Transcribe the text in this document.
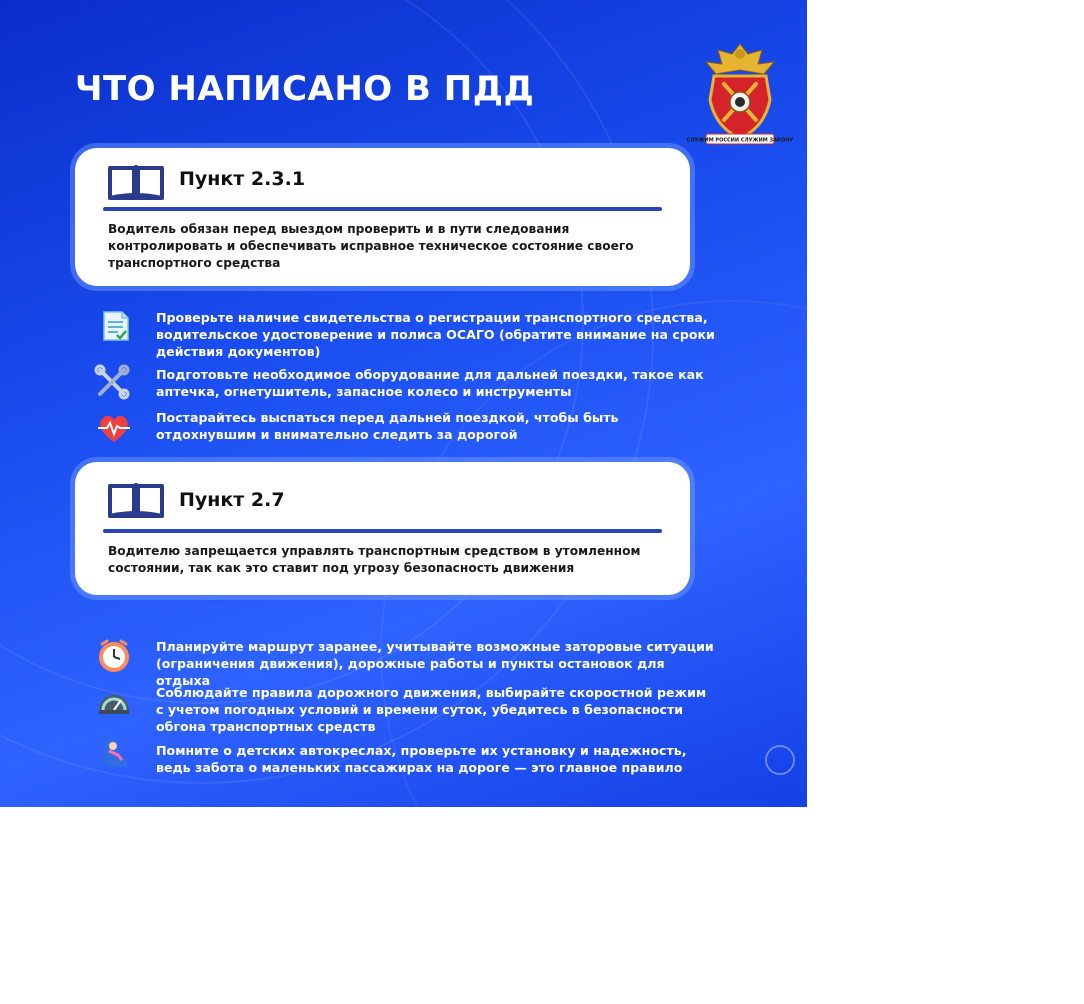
ЧТО НАПИСАНО В ПДД
СЛУЖИМ РОССИИ СЛУЖИМ ЗАКОНУ
Пункт 2.3.1
Водитель обязан перед выездом проверить и в пути следования контролировать и обеспечивать исправное техническое состояние своего транспортного средства
Проверьте наличие свидетельства о регистрации транспортного средства, водительское удостоверение и полиса ОСАГО (обратите внимание на сроки действия документов)
Подготовьте необходимое оборудование для дальней поездки, такое как аптечка, огнетушитель, запасное колесо и инструменты
Постарайтесь выспаться перед дальней поездкой, чтобы быть отдохнувшим и внимательно следить за дорогой
Пункт 2.7
Водителю запрещается управлять транспортным средством в утомленном состоянии, так как это ставит под угрозу безопасность движения
Планируйте маршрут заранее, учитывайте возможные заторовые ситуации (ограничения движения), дорожные работы и пункты остановок для отдыха
Соблюдайте правила дорожного движения, выбирайте скоростной режим с учетом погодных условий и времени суток, убедитесь в безопасности обгона транспортных средств
Помните о детских автокреслах, проверьте их установку и надежность, ведь забота о маленьких пассажирах на дороге — это главное правило
